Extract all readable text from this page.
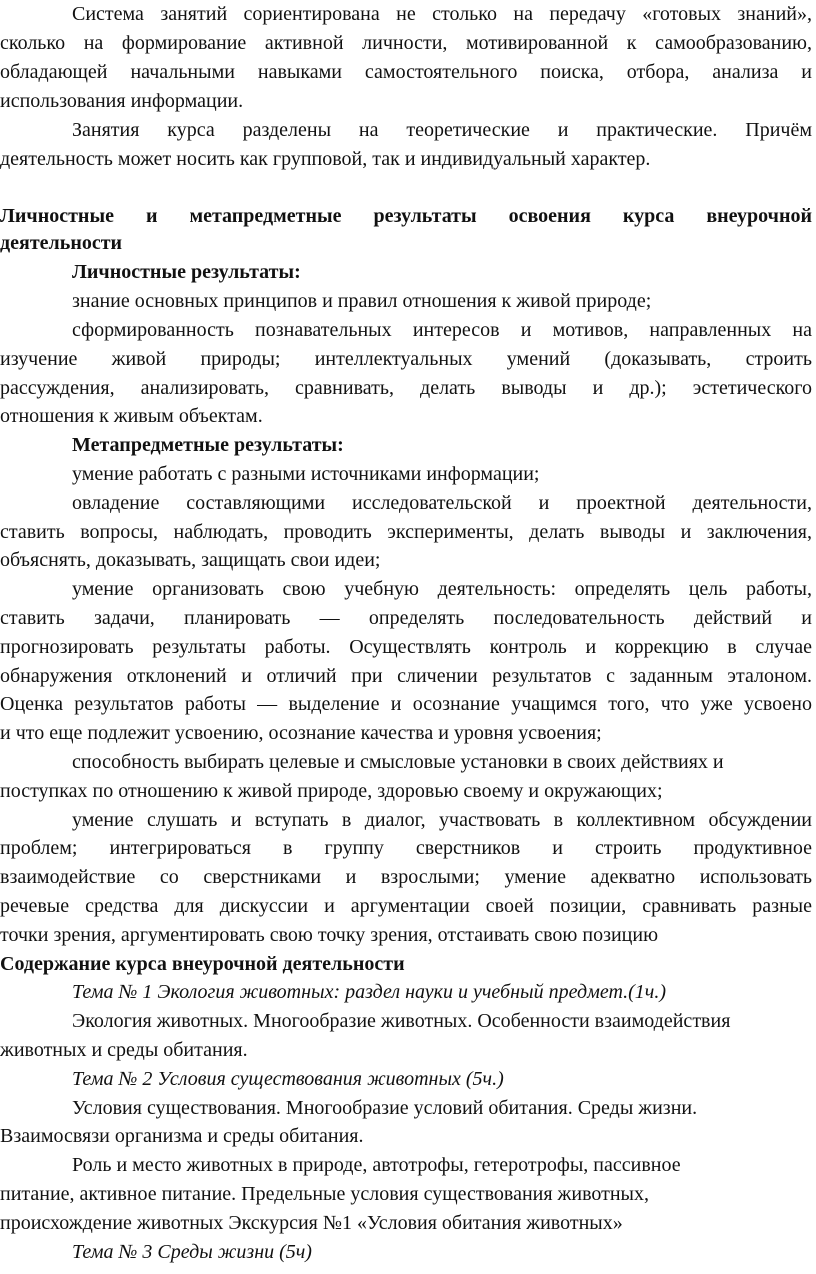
Система занятий сориентирована не столько на передачу «готовых знаний»,
сколько на формирование активной личности, мотивированной к самообразованию,
обладающей начальными навыками самостоятельного поиска, отбора, анализа и
использования информации.
Занятия курса разделены на теоретические и практические. Причём
деятельность может носить как групповой, так и индивидуальный характер.
Личностные и метапредметные результаты освоения курса внеурочной
деятельности
Личностные результаты:
знание основных принципов и правил отношения к живой природе;
сформированность познавательных интересов и мотивов, направленных на
изучение живой природы; интеллектуальных умений (доказывать, строить
рассуждения, анализировать, сравнивать, делать выводы и др.); эстетического
отношения к живым объектам.
Метапредметные результаты:
умение работать с разными источниками информации;
овладение составляющими исследовательской и проектной деятельности,
ставить вопросы, наблюдать, проводить эксперименты, делать выводы и заключения,
объяснять, доказывать, защищать свои идеи;
умение организовать свою учебную деятельность: определять цель работы,
ставить задачи, планировать — определять последовательность действий и
прогнозировать результаты работы. Осуществлять контроль и коррекцию в случае
обнаружения отклонений и отличий при сличении результатов с заданным эталоном.
Оценка результатов работы — выделение и осознание учащимся того, что уже усвоено
и что еще подлежит усвоению, осознание качества и уровня усвоения;
способность выбирать целевые и смысловые установки в своих действиях и
поступках по отношению к живой природе, здоровью своему и окружающих;
умение слушать и вступать в диалог, участвовать в коллективном обсуждении
проблем; интегрироваться в группу сверстников и строить продуктивное
взаимодействие со сверстниками и взрослыми; умение адекватно использовать
речевые средства для дискуссии и аргументации своей позиции, сравнивать разные
точки зрения, аргументировать свою точку зрения, отстаивать свою позицию
Содержание курса внеурочной деятельности
Тема № 1 Экология животных: раздел науки и учебный предмет.(1ч.)
Экология животных. Многообразие животных. Особенности взаимодействия
животных и среды обитания.
Тема № 2 Условия существования животных (5ч.)
Условия существования. Многообразие условий обитания. Среды жизни.
Взаимосвязи организма и среды обитания.
Роль и место животных в природе, автотрофы, гетеротрофы, пассивное
питание, активное питание. Предельные условия существования животных,
происхождение животных Экскурсия №1 «Условия обитания животных»
Тема № 3 Среды жизни (5ч)
